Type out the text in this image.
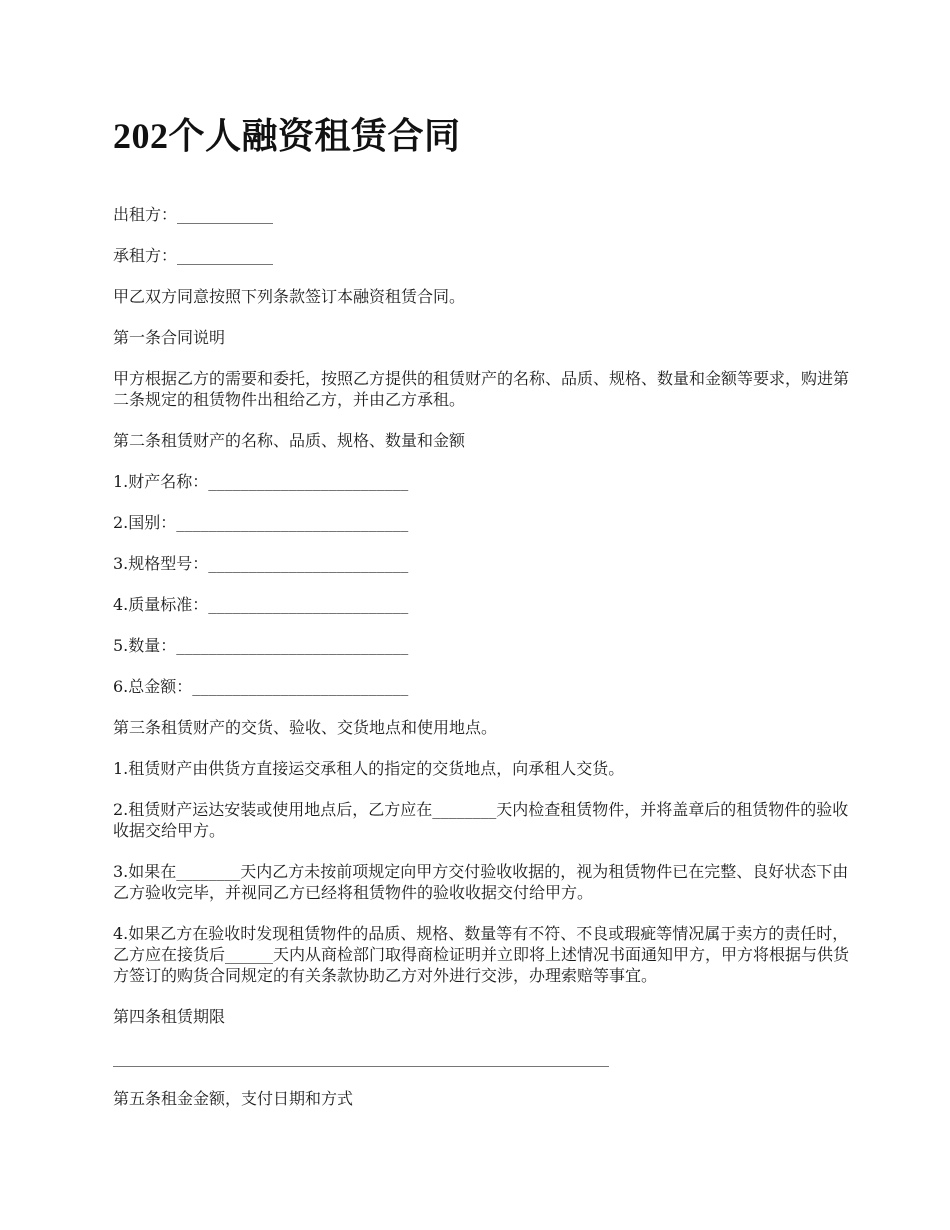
202个人融资租赁合同

出租方：____________

承租方：____________

甲乙双方同意按照下列条款签订本融资租赁合同。

第一条合同说明

甲方根据乙方的需要和委托，按照乙方提供的租赁财产的名称、品质、规格、数量和金额等要求，购进第二条规定的租赁物件出租给乙方，并由乙方承租。

第二条租赁财产的名称、品质、规格、数量和金额

1.财产名称：_________________________

2.国别：_____________________________

3.规格型号：_________________________

4.质量标准：_________________________

5.数量：_____________________________

6.总金额：___________________________

第三条租赁财产的交货、验收、交货地点和使用地点。

1.租赁财产由供货方直接运交承租人的指定的交货地点，向承租人交货。

2.租赁财产运达安装或使用地点后，乙方应在________天内检查租赁物件，并将盖章后的租赁物件的验收收据交给甲方。

3.如果在________天内乙方未按前项规定向甲方交付验收收据的，视为租赁物件已在完整、良好状态下由乙方验收完毕，并视同乙方已经将租赁物件的验收收据交付给甲方。

4.如果乙方在验收时发现租赁物件的品质、规格、数量等有不符、不良或瑕疵等情况属于卖方的责任时，乙方应在接货后______天内从商检部门取得商检证明并立即将上述情况书面通知甲方，甲方将根据与供货方签订的购货合同规定的有关条款协助乙方对外进行交涉，办理索赔等事宜。

第四条租赁期限

______________________________________________________________

第五条租金金额，支付日期和方式
